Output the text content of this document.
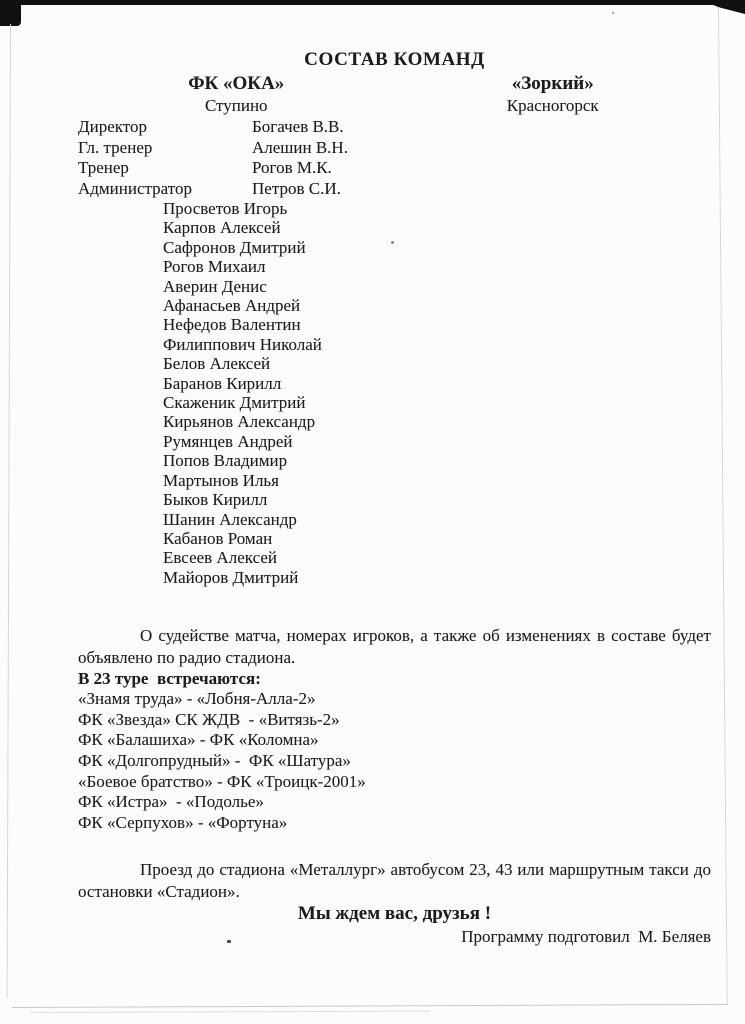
СОСТАВ КОМАНД
ФК «ОКА»
Ступино
«Зоркий»
Красногорск
Директор	Богачев В.В.
Гл. тренер	Алешин В.Н.
Тренер	Рогов М.К.
Администратор	Петров С.И.
Просветов Игорь
Карпов Алексей
Сафронов Дмитрий
Рогов Михаил
Аверин Денис
Афанасьев Андрей
Нефедов Валентин
Филиппович Николай
Белов Алексей
Баранов Кирилл
Скаженик Дмитрий
Кирьянов Александр
Румянцев Андрей
Попов Владимир
Мартынов Илья
Быков Кирилл
Шанин Александр
Кабанов Роман
Евсеев Алексей
Майоров Дмитрий

О судействе матча, номерах игроков, а также об изменениях в составе будет объявлено по радио стадиона.

В 23 туре  встречаются:
«Знамя труда» - «Лобня-Алла-2»
ФК «Звезда» СК ЖДВ  - «Витязь-2»
ФК «Балашиха» - ФК «Коломна»
ФК «Долгопрудный» -  ФК «Шатура»
«Боевое братство» - ФК «Троицк-2001»
ФК «Истра»  - «Подолье»
ФК «Серпухов» - «Фортуна»

Проезд до стадиона «Металлург» автобусом 23, 43 или маршрутным такси до остановки «Стадион».

Мы ждем вас, друзья !
Программу подготовил  М. Беляев
